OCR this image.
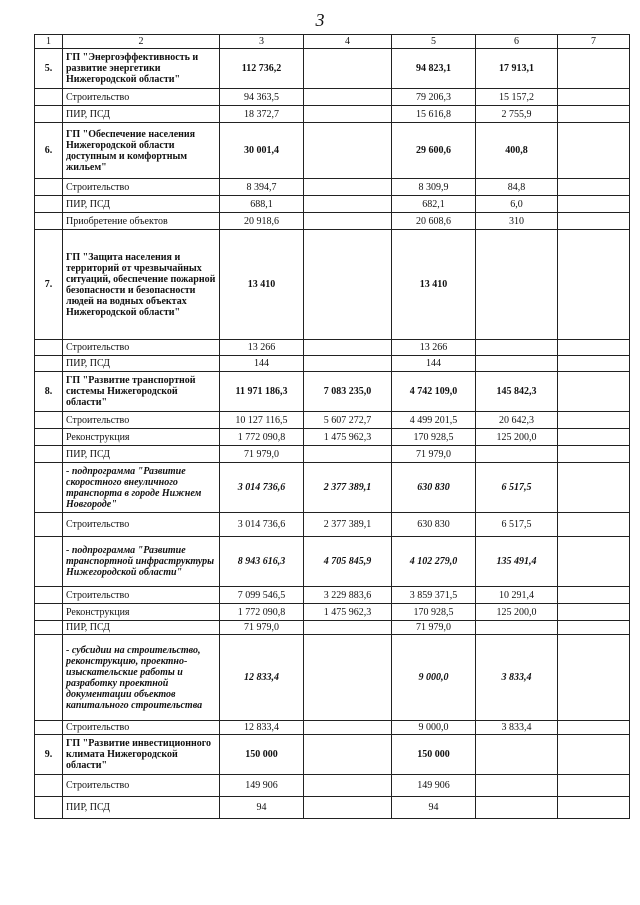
3
1	2	3	4	5	6	7
5.	ГП "Энергоэффективность и развитие энергетики Нижегородской области"	112 736,2		94 823,1	17 913,1	
	Строительство	94 363,5		79 206,3	15 157,2	
	ПИР, ПСД	18 372,7		15 616,8	2 755,9	
6.	ГП "Обеспечение населения Нижегородской области доступным и комфортным жильем"	30 001,4		29 600,6	400,8	
	Строительство	8 394,7		8 309,9	84,8	
	ПИР, ПСД	688,1		682,1	6,0	
	Приобретение объектов	20 918,6		20 608,6	310	
7.	ГП "Защита населения и территорий от чрезвычайных ситуаций, обеспечение пожарной безопасности и безопасности людей на водных объектах Нижегородской области"	13 410		13 410		
	Строительство	13 266		13 266		
	ПИР, ПСД	144		144		
8.	ГП "Развитие транспортной системы Нижегородской области"	11 971 186,3	7 083 235,0	4 742 109,0	145 842,3	
	Строительство	10 127 116,5	5 607 272,7	4 499 201,5	20 642,3	
	Реконструкция	1 772 090,8	1 475 962,3	170 928,5	125 200,0	
	ПИР, ПСД	71 979,0		71 979,0		
	- подпрограмма "Развитие скоростного внеуличного транспорта в городе Нижнем Новгороде"	3 014 736,6	2 377 389,1	630 830	6 517,5	
	Строительство	3 014 736,6	2 377 389,1	630 830	6 517,5	
	- подпрограмма "Развитие транспортной инфраструктуры Нижегородской области"	8 943 616,3	4 705 845,9	4 102 279,0	135 491,4	
	Строительство	7 099 546,5	3 229 883,6	3 859 371,5	10 291,4	
	Реконструкция	1 772 090,8	1 475 962,3	170 928,5	125 200,0	
	ПИР, ПСД	71 979,0		71 979,0		
	- субсидии на строительство, реконструкцию, проектно-изыскательские работы и разработку проектной документации объектов капитального строительства	12 833,4		9 000,0	3 833,4	
	Строительство	12 833,4		9 000,0	3 833,4	
9.	ГП "Развитие инвестиционного климата Нижегородской области"	150 000		150 000		
	Строительство	149 906		149 906		
	ПИР, ПСД	94		94		
